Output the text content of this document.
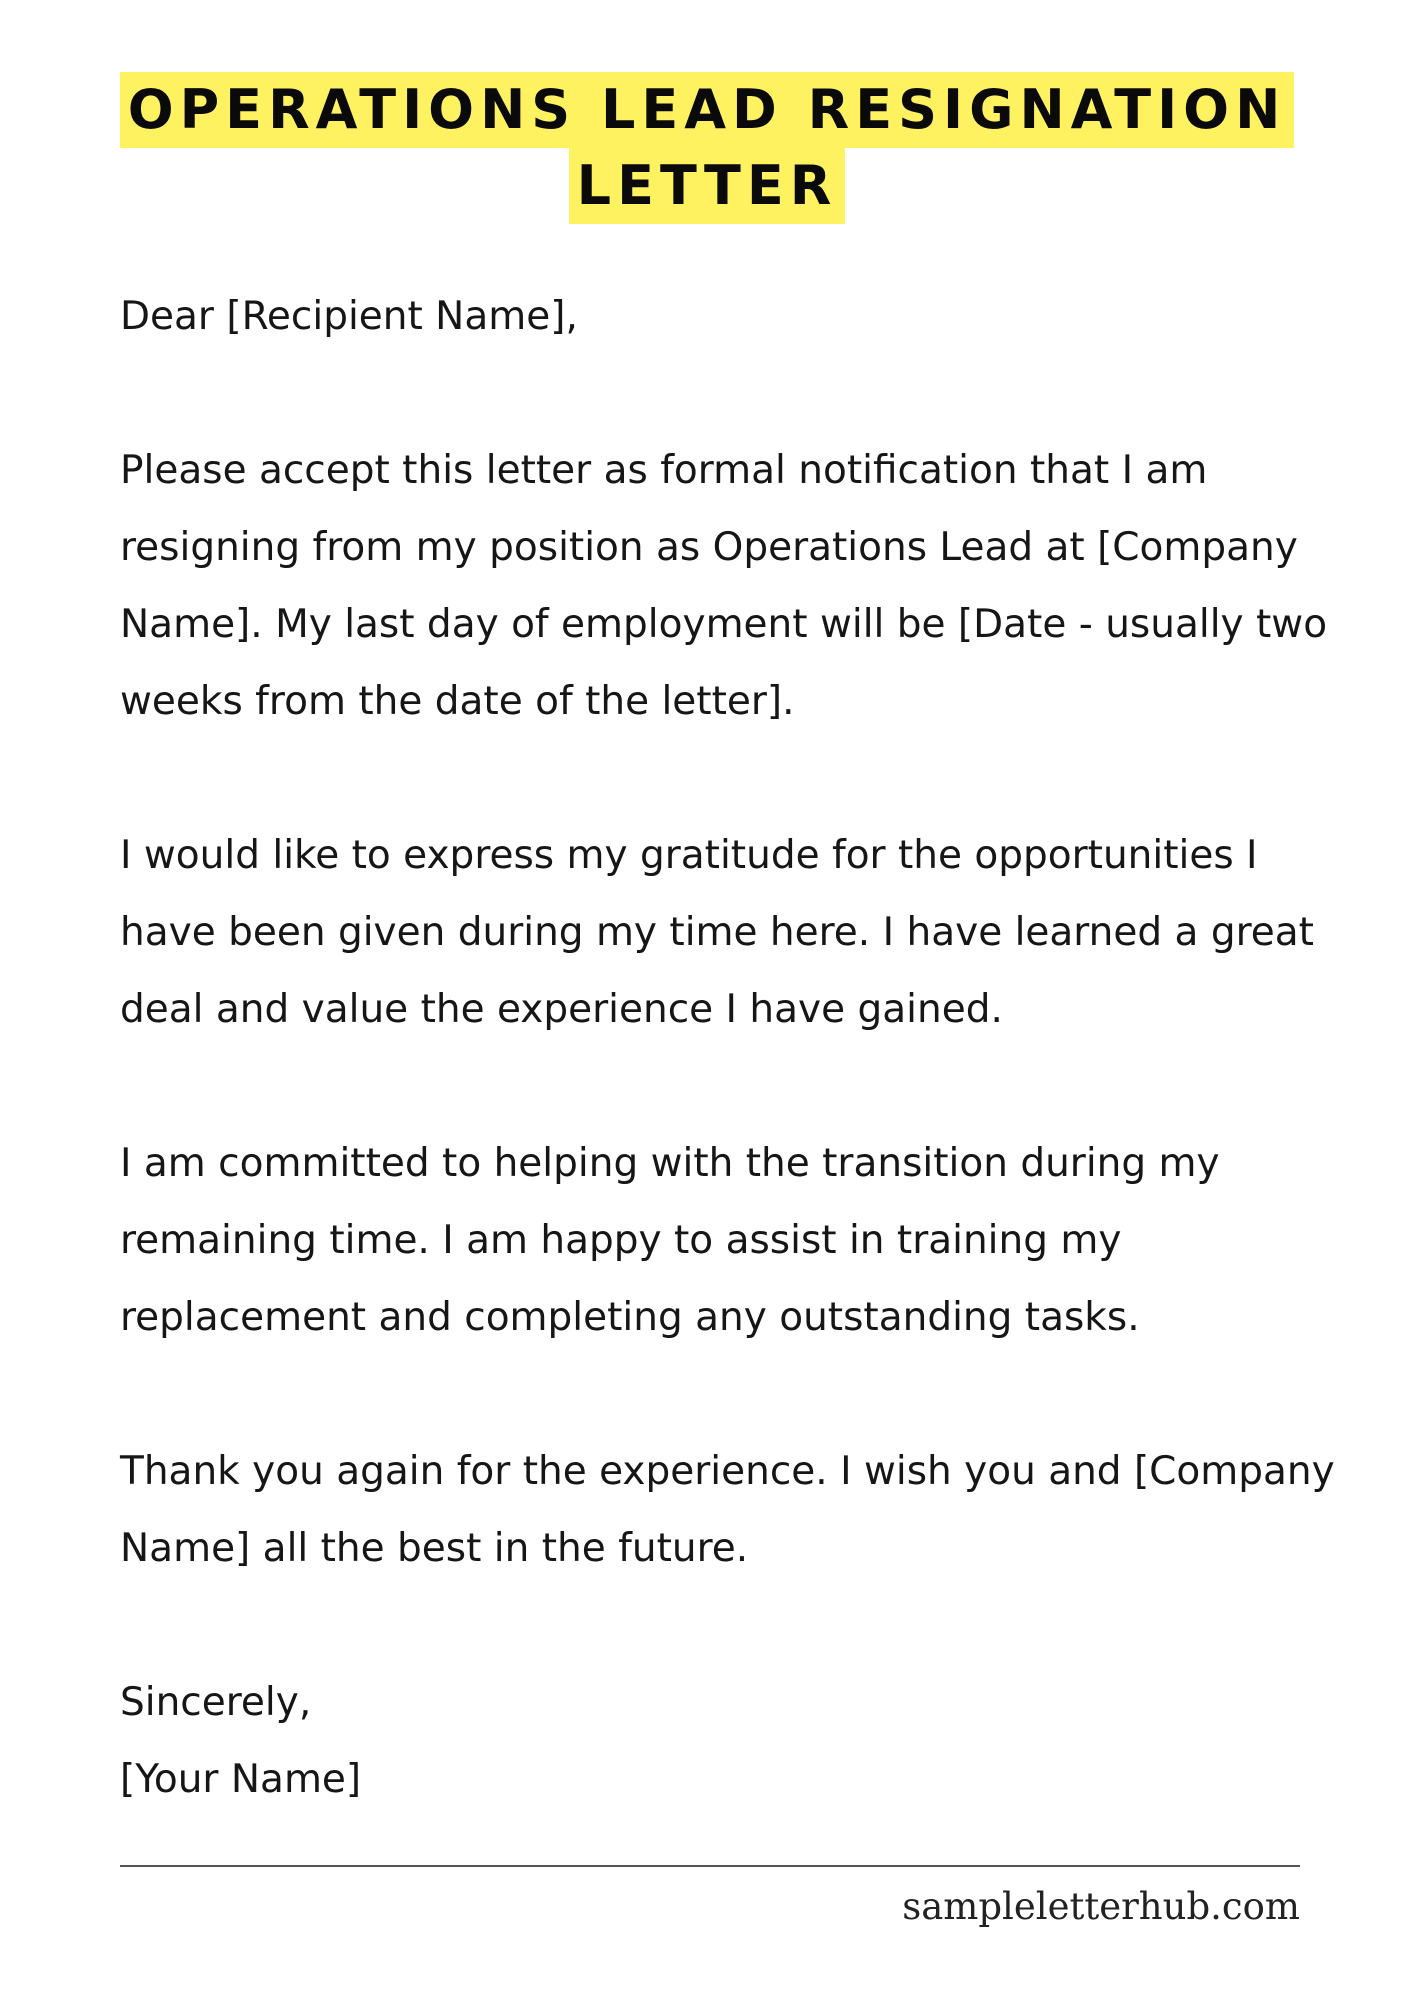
OPERATIONS LEAD RESIGNATION
LETTER

Dear [Recipient Name],

Please accept this letter as formal notification that I am resigning from my position as Operations Lead at [Company Name]. My last day of employment will be [Date - usually two weeks from the date of the letter].

I would like to express my gratitude for the opportunities I have been given during my time here. I have learned a great deal and value the experience I have gained.

I am committed to helping with the transition during my remaining time. I am happy to assist in training my replacement and completing any outstanding tasks.

Thank you again for the experience. I wish you and [Company Name] all the best in the future.

Sincerely,
[Your Name]

sampleletterhub.com
